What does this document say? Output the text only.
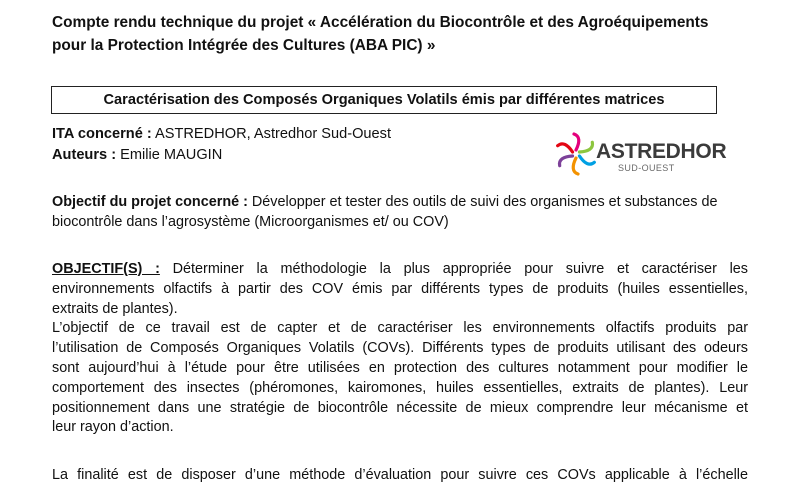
Compte rendu technique du projet « Accélération du Biocontrôle et des Agroéquipements
pour la Protection Intégrée des Cultures (ABA PIC) »
Caractérisation des Composés Organiques Volatils émis par différentes matrices
ITA concerné : ASTREDHOR, Astredhor Sud-Ouest
Auteurs : Emilie MAUGIN	ASTREDHOR
SUD-OUEST
Objectif du projet concerné : Développer et tester des outils de suivi des organismes et substances de
biocontrôle dans l’agrosystème (Microorganismes et/ ou COV)
OBJECTIF(S) : Déterminer la méthodologie la plus appropriée pour suivre et caractériser les
environnements olfactifs à partir des COV émis par différents types de produits (huiles essentielles,
extraits de plantes).
L’objectif de ce travail est de capter et de caractériser les environnements olfactifs produits par
l’utilisation de Composés Organiques Volatils (COVs). Différents types de produits utilisant des odeurs
sont aujourd’hui à l’étude pour être utilisées en protection des cultures notamment pour modifier le
comportement des insectes (phéromones, kairomones, huiles essentielles, extraits de plantes). Leur
positionnement dans une stratégie de biocontrôle nécessite de mieux comprendre leur mécanisme et
leur rayon d’action.
La finalité est de disposer d’une méthode d’évaluation pour suivre ces COVs applicable à l’échelle
